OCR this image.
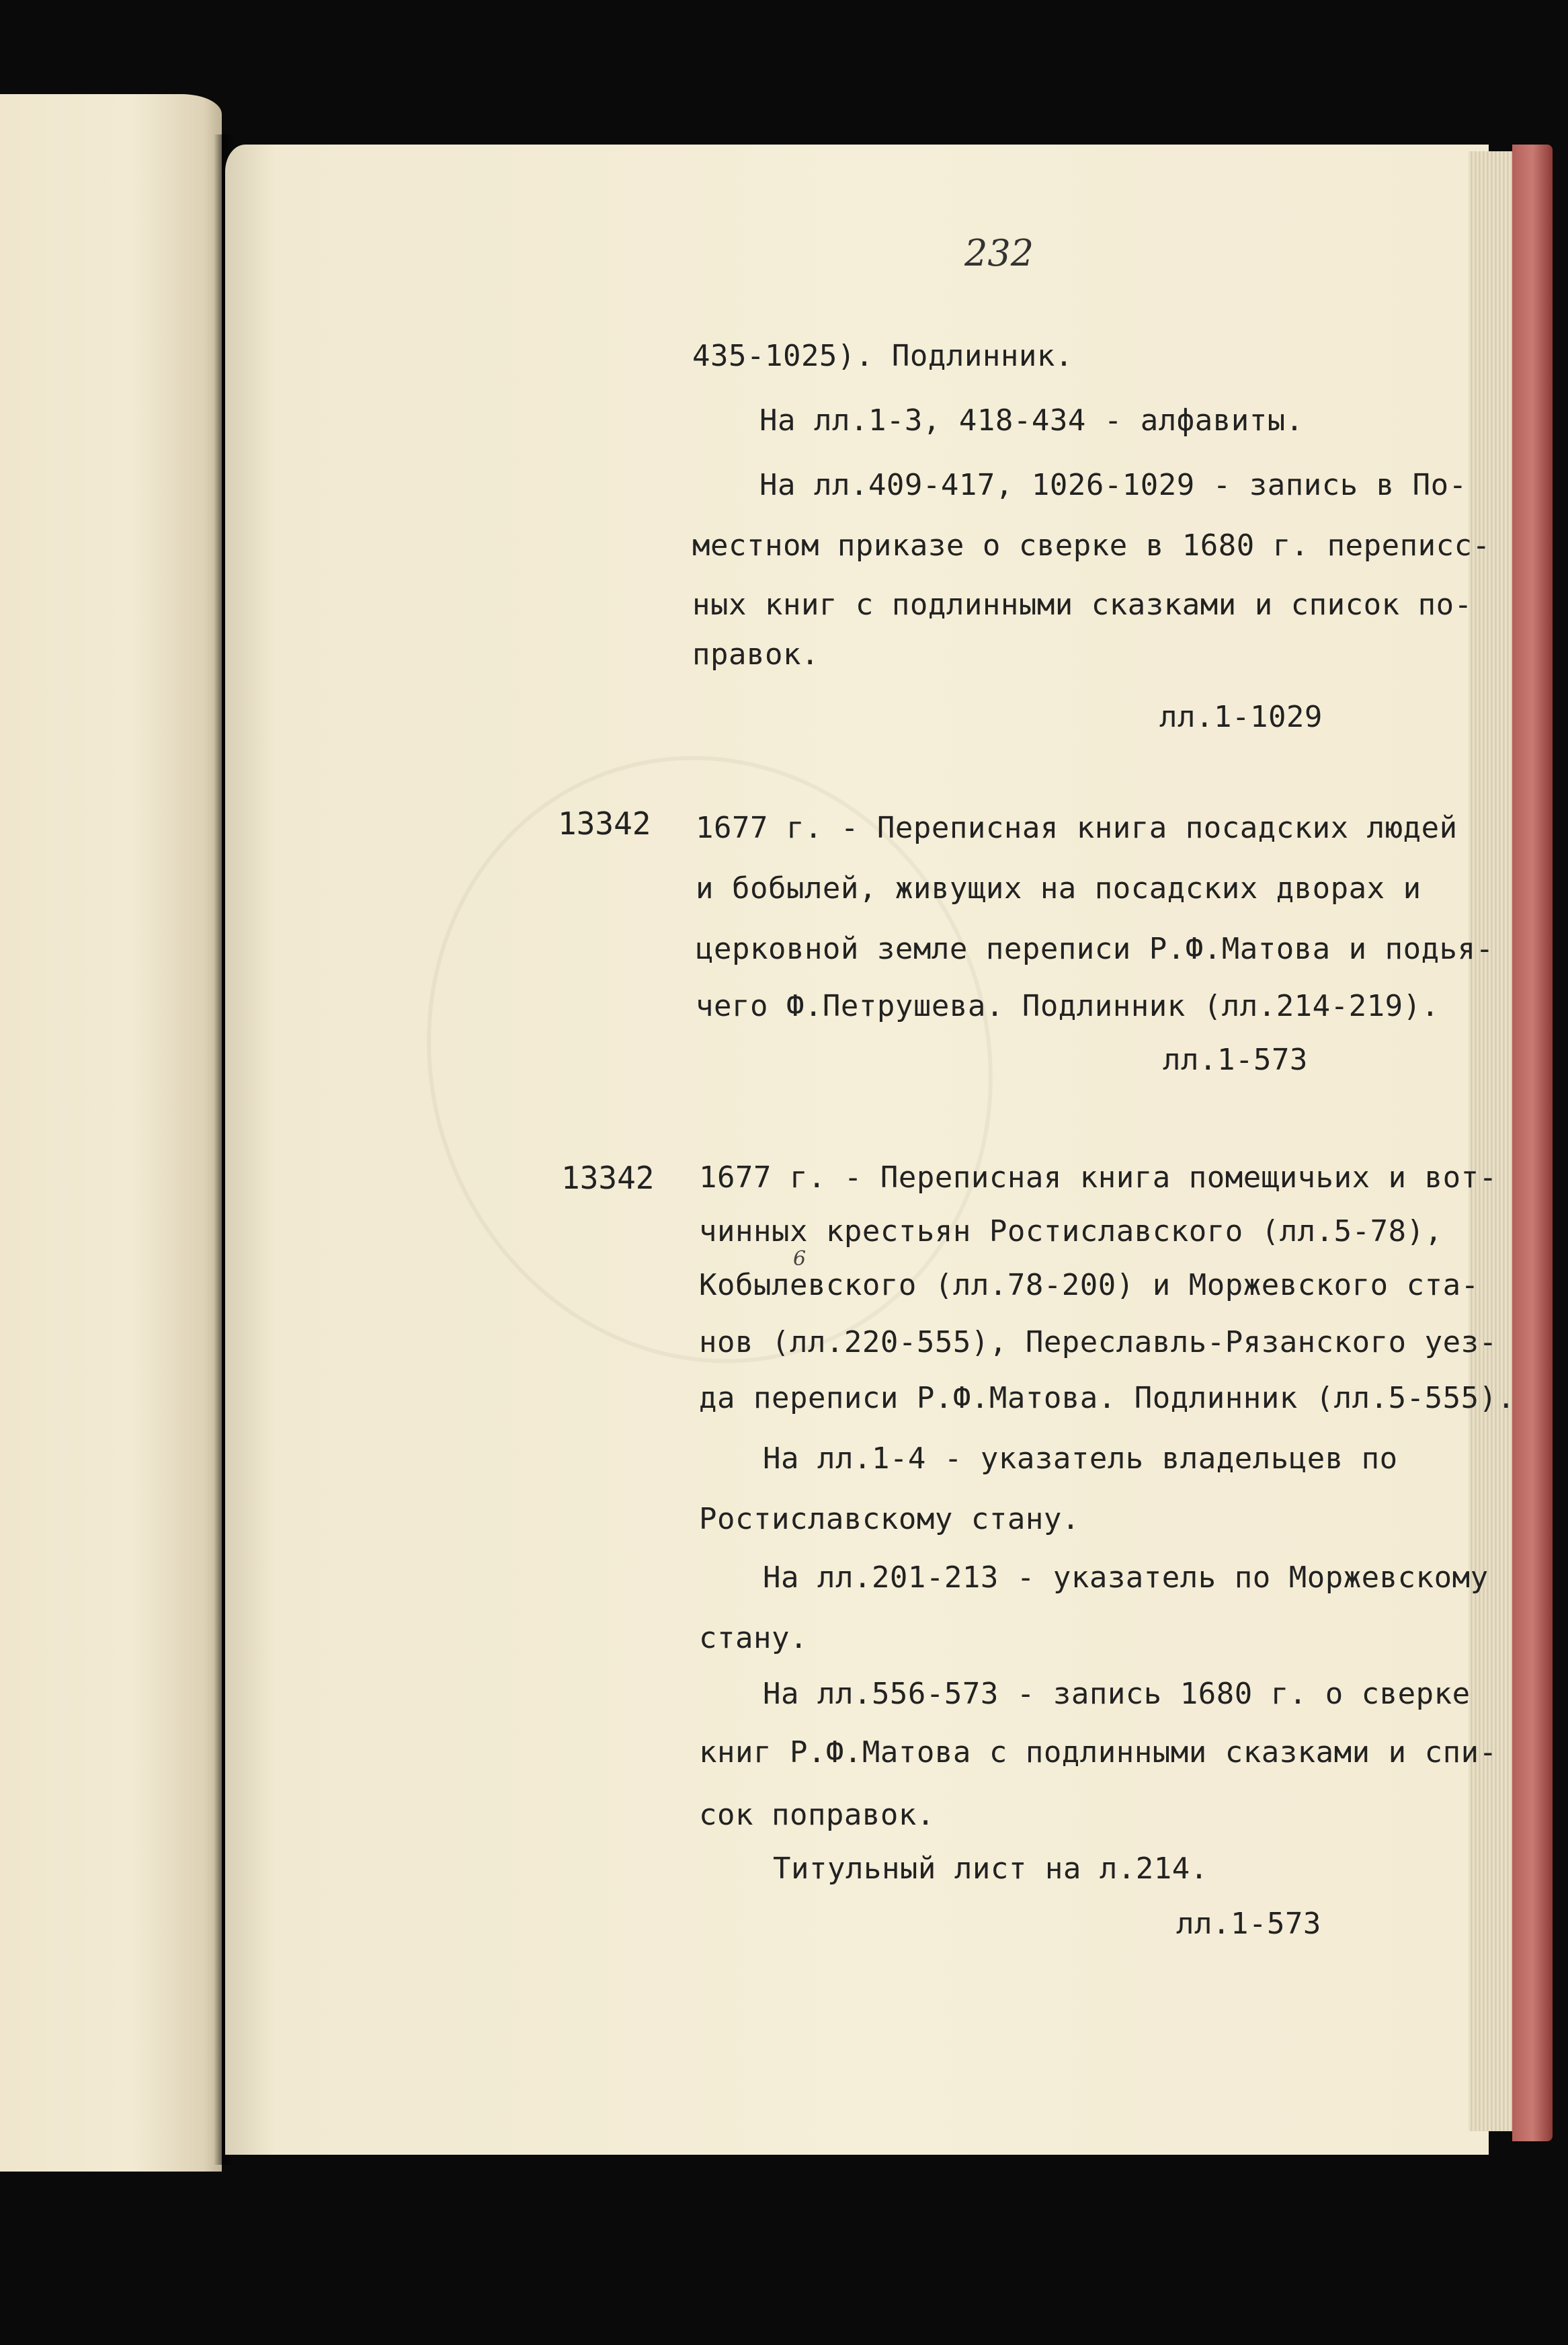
232
435-1025). Подлинник.
На лл.1-3, 418-434 - алфавиты.
На лл.409-417, 1026-1029 - запись в По-
местном приказе о сверке в 1680 г. переписс-
ных книг с подлинными сказками и список по-
правок.
лл.1-1029
13342 1677 г. - Переписная книга посадских людей
и бобылей, живущих на посадских дворах и
церковной земле переписи Р.Ф.Матова и подья-
чего Ф.Петрушева. Подлинник (лл.214-219).
лл.1-573
13342 1677 г. - Переписная книга помещичьих и вот-
чинных крестьян Ростиславского (лл.5-78),
6
Кобылевского (лл.78-200) и Моржевского ста-
нов (лл.220-555), Переславль-Рязанского уез-
да переписи Р.Ф.Матова. Подлинник (лл.5-555).
На лл.1-4 - указатель владельцев по
Ростиславскому стану.
На лл.201-213 - указатель по Моржевскому
стану.
На лл.556-573 - запись 1680 г. о сверке
книг Р.Ф.Матова с подлинными сказками и спи-
сок поправок.
Титульный лист на л.214.
лл.1-573
